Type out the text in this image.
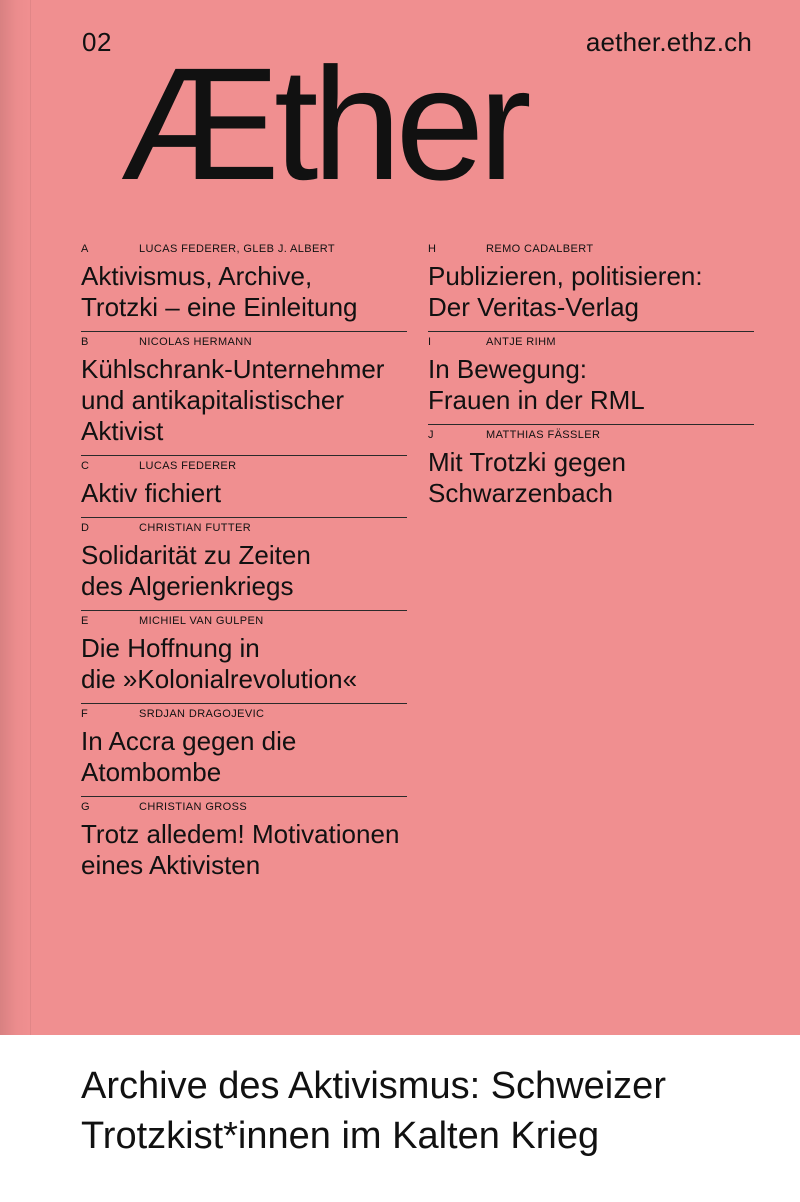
02	aether.ethz.ch
Æther
A	LUCAS FEDERER, GLEB J. ALBERT
Aktivismus, Archive,
Trotzki – eine Einleitung
B	NICOLAS HERMANN
Kühlschrank-Unternehmer
und antikapitalistischer
Aktivist
C	LUCAS FEDERER
Aktiv fichiert
D	CHRISTIAN FUTTER
Solidarität zu Zeiten
des Algerienkriegs
E	MICHIEL VAN GULPEN
Die Hoffnung in
die »Kolonialrevolution«
F	SRDJAN DRAGOJEVIC
In Accra gegen die
Atombombe
G	CHRISTIAN GROSS
Trotz alledem! Motivationen
eines Aktivisten
H	REMO CADALBERT
Publizieren, politisieren:
Der Veritas-Verlag
I	ANTJE RIHM
In Bewegung:
Frauen in der RML
J	MATTHIAS FÄSSLER
Mit Trotzki gegen
Schwarzenbach
Archive des Aktivismus: Schweizer
Trotzkist*innen im Kalten Krieg
